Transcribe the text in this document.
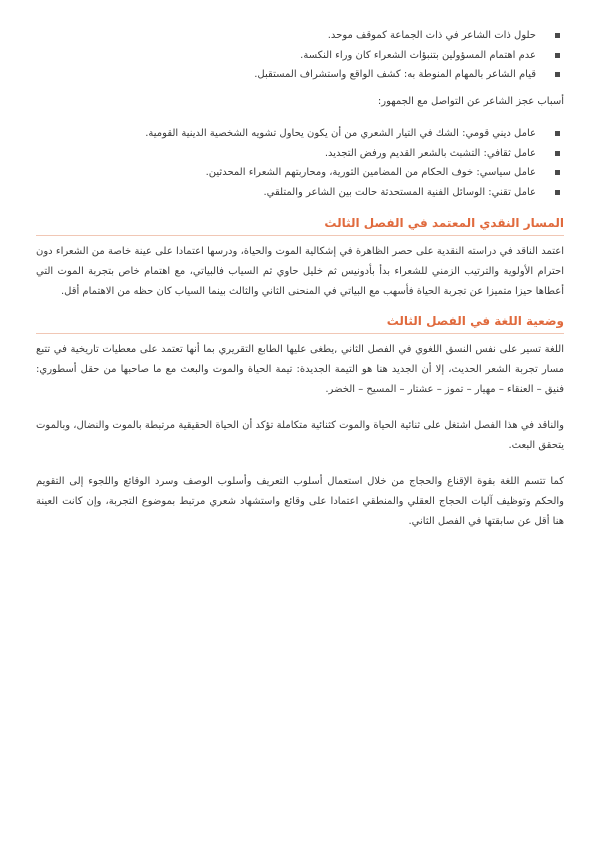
حلول ذات الشاعر في ذات الجماعة كموقف موحد.
عدم اهتمام المسؤولين بتنبؤات الشعراء كان وراء النكسة.
قيام الشاعر بالمهام المنوطة به: كشف الواقع واستشراف المستقبل.

أسباب عجز الشاعر عن التواصل مع الجمهور:

عامل ديني قومي: الشك في التيار الشعري من أن يكون يحاول تشويه الشخصية الدينية القومية.
عامل ثقافي: التشبث بالشعر القديم ورفض التجديد.
عامل سياسي: خوف الحكام من المضامين الثورية، ومحاربتهم الشعراء المحدثين.
عامل تقني: الوسائل الفنية المستحدثة حالت بين الشاعر والمتلقي.
المسار النقدي المعتمد في الفصل الثالث

اعتمد الناقد في دراسته النقدية على حصر الظاهرة في إشكالية الموت والحياة، ودرسها اعتمادا على عينة خاصة من الشعراء دون احترام الأولوية والترتيب الزمني للشعراء بدأ بأدونيس ثم خليل حاوي ثم السياب فالبياتي، مع اهتمام خاص بتجربة الموت التي أعطاها حيزا متميزا عن تجربة الحياة فأسهب مع البياتي في المنحنى الثاني والثالث بينما السياب كان حظه من الاهتمام أقل.

وضعية اللغة في الفصل الثالث

اللغة تسير على نفس النسق اللغوي في الفصل الثاني ,يطغى عليها الطابع التقريري بما أنها تعتمد على معطيات تاريخية في تتبع مسار تجربة الشعر الحديث، إلا أن الجديد هنا هو التيمة الجديدة: تيمة الحياة والموت والبعث مع ما صاحبها من حقل أسطوري: فنيق – العنقاء – مهيار – تموز – عشتار – المسيح – الخضر.

والناقد في هذا الفصل اشتغل على ثنائية الحياة والموت كثنائية متكاملة تؤكد أن الحياة الحقيقية مرتبطة بالموت والنضال، وبالموت يتحقق البعث.

كما تتسم اللغة بقوة الإقناع والحجاج من خلال استعمال أسلوب التعريف وأسلوب الوصف وسرد الوقائع واللجوء إلى التقويم والحكم وتوظيف آليات الحجاج العقلي والمنطقي اعتمادا على وقائع واستشهاد شعري مرتبط بموضوع التجربة، وإن كانت العينة هنا أقل عن سابقتها في الفصل الثاني.
